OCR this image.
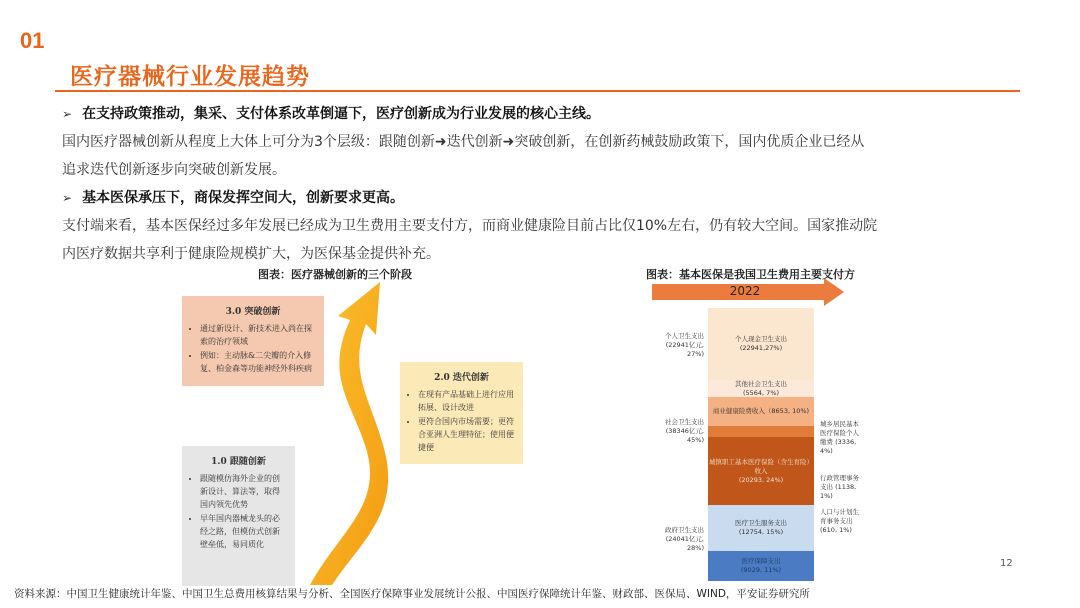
01
医疗器械行业发展趋势
➢ 在支持政策推动，集采、支付体系改革倒逼下，医疗创新成为行业发展的核心主线。
国内医疗器械创新从程度上大体上可分为3个层级：跟随创新➜迭代创新➜突破创新，在创新药械鼓励政策下，国内优质企业已经从
追求迭代创新逐步向突破创新发展。
➢ 基本医保承压下，商保发挥空间大，创新要求更高。
支付端来看，基本医保经过多年发展已经成为卫生费用主要支付方，而商业健康险目前占比仅10%左右，仍有较大空间。国家推动院
内医疗数据共享利于健康险规模扩大，为医保基金提供补充。
图表：医疗器械创新的三个阶段
3.0 突破创新
• 通过新设计、新技术进入尚在探索的治疗领域
• 例如：主动脉&二尖瓣的介入修复、柏金森等功能神经外科疾病
2.0 迭代创新
• 在现有产品基础上进行应用拓展、设计改进
• 更符合国内市场需要；更符合亚洲人生理特征；使用便捷便
1.0 跟随创新
• 跟随模仿海外企业的创新设计、算法等，取得国内领先优势
• 早年国内器械龙头的必经之路，但模仿式创新壁垒低，易同质化
图表：基本医保是我国卫生费用主要支付方
2022
个人现金卫生支出
(22941,27%)
其他社会卫生支出
(5564, 7%)
商业健康险费收入（8653, 10%)
城镇职工基本医疗保险（含生育险）收入
(20293, 24%)
医疗卫生服务支出
(12754, 15%)
医疗保障支出
(9029, 11%)
个人卫生支出
(22941亿元,
27%)
社会卫生支出
(38346亿元,
45%)
政府卫生支出
(24041亿元,
28%)
城乡居民基本医疗保险个人缴费 (3336, 4%)
行政管理事务支出 (1138, 1%)
人口与计划生育事务支出 (610, 1%)
12
资料来源：中国卫生健康统计年鉴、中国卫生总费用核算结果与分析、全国医疗保障事业发展统计公报、中国医疗保障统计年鉴、财政部、医保局、WIND，平安证券研究所
